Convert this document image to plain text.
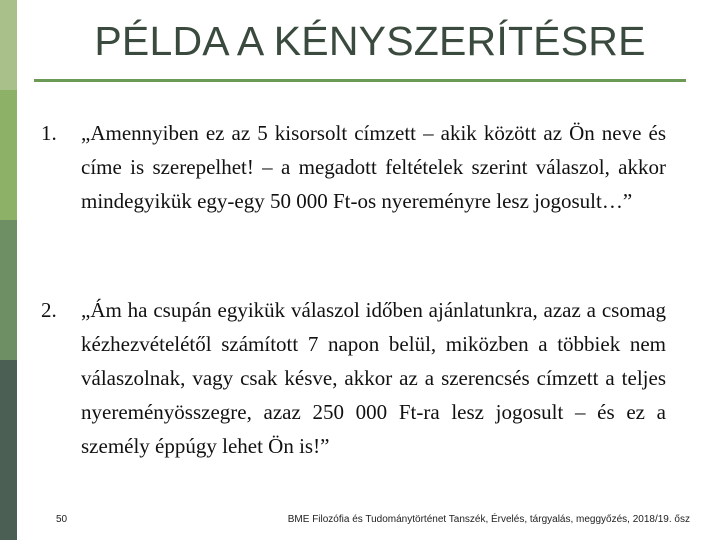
PÉLDA A KÉNYSZERÍTÉSRE
1.	„Amennyiben ez az 5 kisorsolt címzett – akik között az Ön neve és címe is szerepelhet! – a megadott feltételek szerint válaszol, akkor mindegyikük egy-egy 50 000 Ft-os nyereményre lesz jogosult…”
2.	„Ám ha csupán egyikük válaszol időben ajánlatunkra, azaz a csomag kézhezvételétől számított 7 napon belül, miközben a többiek nem válaszolnak, vagy csak késve, akkor az a szerencsés címzett a teljes nyereményösszegre, azaz 250 000 Ft-ra lesz jogosult – és ez a személy éppúgy lehet Ön is!”
50	BME Filozófia és Tudománytörténet Tanszék, Érvelés, tárgyalás, meggyőzés, 2018/19. ősz
